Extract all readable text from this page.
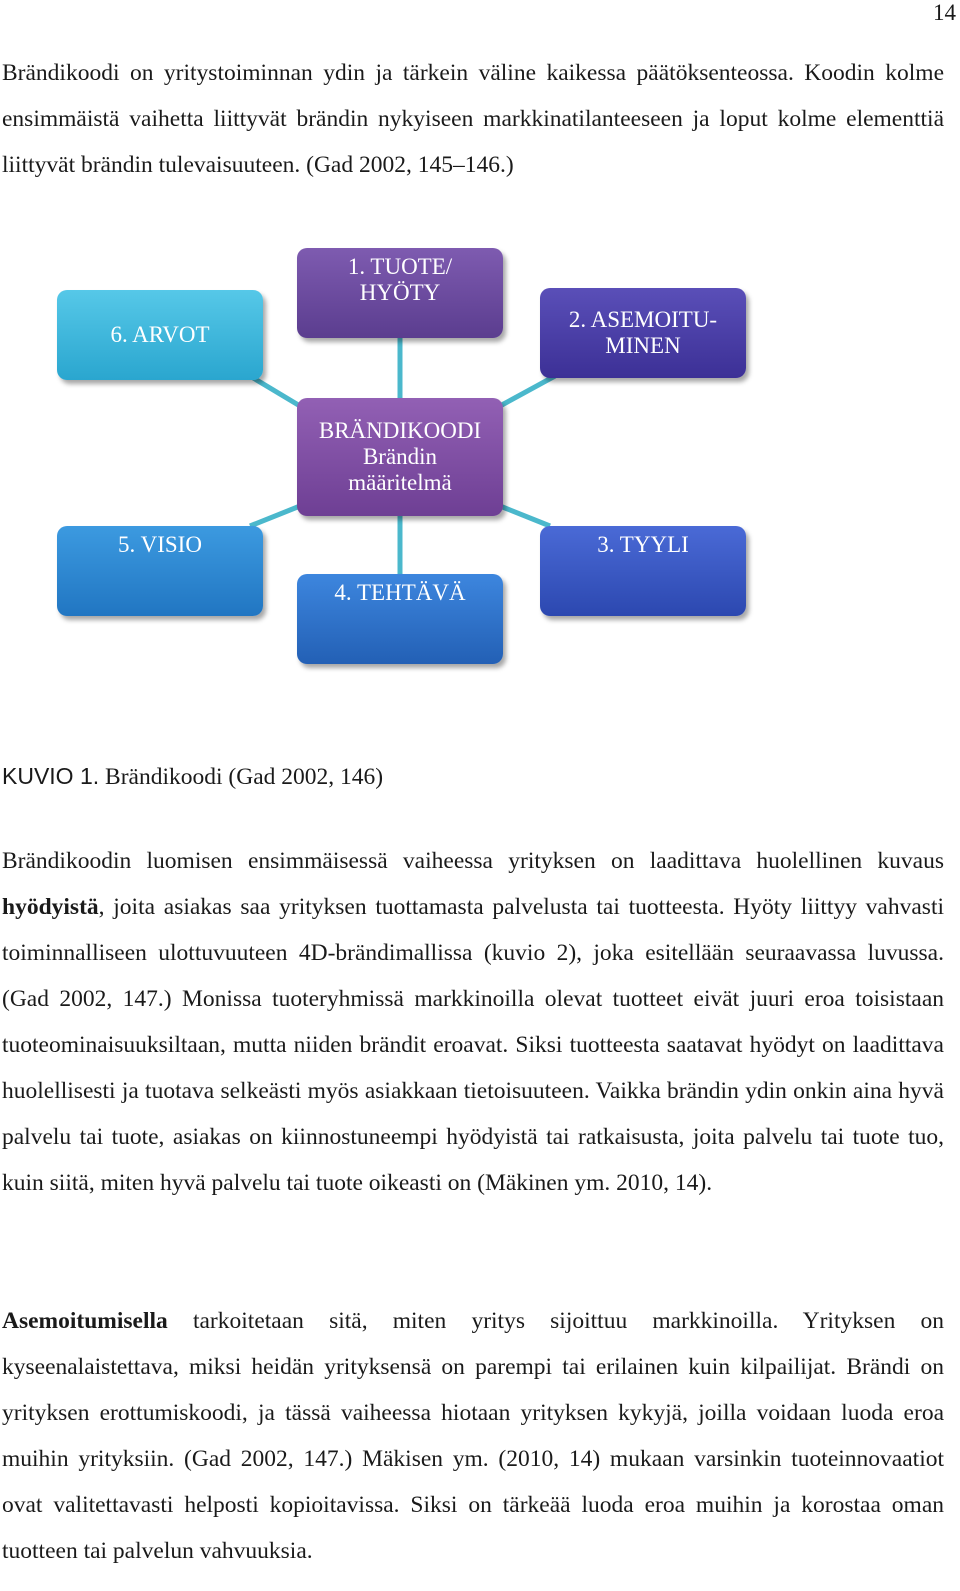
14

Brändikoodi on yritystoiminnan ydin ja tärkein väline kaikessa päätöksenteossa. Koodin kolme ensimmäistä vaihetta liittyvät brändin nykyiseen markkinatilanteeseen ja loput kolme elementtiä liittyvät brändin tulevaisuuteen. (Gad 2002, 145–146.)

6. ARVOT
1. TUOTE/
HYÖTY
2. ASEMOITU-
MINEN
BRÄNDIKOODI
Brändin
määritelmä
5. VISIO
4. TEHTÄVÄ
3. TYYLI
KUVIO 1. Brändikoodi (Gad 2002, 146)

Brändikoodin luomisen ensimmäisessä vaiheessa yrityksen on laadittava huolellinen kuvaus hyödyistä, joita asiakas saa yrityksen tuottamasta palvelusta tai tuotteesta. Hyöty liittyy vahvasti toiminnalliseen ulottuvuuteen 4D-brändimallissa (kuvio 2), joka esitellään seuraavassa luvussa. (Gad 2002, 147.) Monissa tuoteryhmissä markkinoilla olevat tuotteet eivät juuri eroa toisistaan tuoteominaisuuksiltaan, mutta niiden brändit eroavat. Siksi tuotteesta saatavat hyödyt on laadittava huolellisesti ja tuotava selkeästi myös asiakkaan tietoisuuteen. Vaikka brändin ydin onkin aina hyvä palvelu tai tuote, asiakas on kiinnostuneempi hyödyistä tai ratkaisusta, joita palvelu tai tuote tuo, kuin siitä, miten hyvä palvelu tai tuote oikeasti on (Mäkinen ym. 2010, 14).

Asemoitumisella tarkoitetaan sitä, miten yritys sijoittuu markkinoilla. Yrityksen on kyseenalaistettava, miksi heidän yrityksensä on parempi tai erilainen kuin kilpailijat. Brändi on yrityksen erottumiskoodi, ja tässä vaiheessa hiotaan yrityksen kykyjä, joilla voidaan luoda eroa muihin yrityksiin. (Gad 2002, 147.) Mäkisen ym. (2010, 14) mukaan varsinkin tuoteinnovaatiot ovat valitettavasti helposti kopioitavissa. Siksi on tärkeää luoda eroa muihin ja korostaa oman tuotteen tai palvelun vahvuuksia.
